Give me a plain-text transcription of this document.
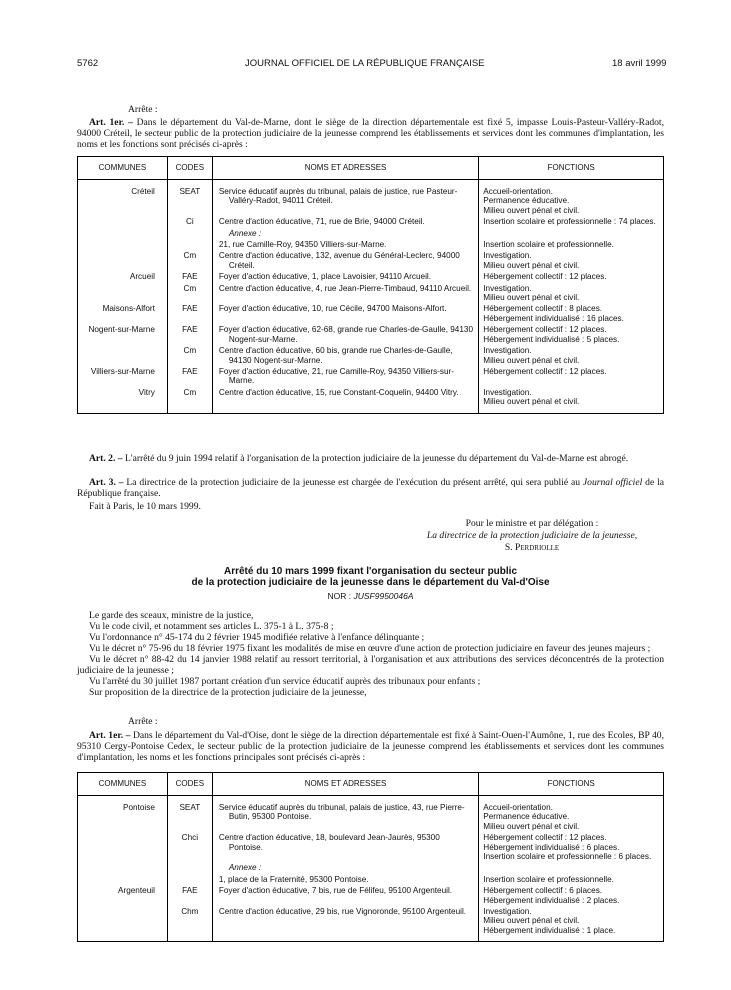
5762	JOURNAL OFFICIEL DE LA RÉPUBLIQUE FRANÇAISE	18 avril 1999

Arrête :

Art. 1er. – Dans le département du Val-de-Marne, dont le siège de la direction départementale est fixé 5, impasse Louis-Pasteur-Valléry-Radot, 94000 Créteil, le secteur public de la protection judiciaire de la jeunesse comprend les établissements et services dont les communes d'implantation, les noms et les fonctions sont précisés ci-après :

COMMUNES	CODES	NOMS ET ADRESSES	FONCTIONS

Créteil	SEAT	Service éducatif auprès du tribunal, palais de justice, rue Pasteur-Valléry-Radot, 94011 Créteil.	Accueil-orientation.
Permanence éducative.
Milieu ouvert pénal et civil.

	Ci	Centre d'action éducative, 71, rue de Brie, 94000 Créteil.	Insertion scolaire et professionnelle : 74 places.

		Annexe :	

		21, rue Camille-Roy, 94350 Villiers-sur-Marne.	Insertion scolaire et professionnelle.

	Cm	Centre d'action éducative, 132, avenue du Général-Leclerc, 94000 Créteil.	Investigation.
Milieu ouvert pénal et civil.

Arcueil	FAE	Foyer d'action éducative, 1, place Lavoisier, 94110 Arcueil.	Hébergement collectif : 12 places.

	Cm	Centre d'action éducative, 4, rue Jean-Pierre-Timbaud, 94110 Arcueil.	Investigation.
Milieu ouvert pénal et civil.

Maisons-Alfort	FAE	Foyer d'action éducative, 10, rue Cécile, 94700 Maisons-Alfort.	Hébergement collectif : 8 places.
Hébergement individualisé : 16 places.

Nogent-sur-Marne	FAE	Foyer d'action éducative, 62-68, grande rue Charles-de-Gaulle, 94130 Nogent-sur-Marne.	Hébergement collectif : 12 places.
Hébergement individualisé : 5 places.

	Cm	Centre d'action éducative, 60 bis, grande rue Charles-de-Gaulle, 94130 Nogent-sur-Marne.	Investigation.
Milieu ouvert pénal et civil.

Villiers-sur-Marne	FAE	Foyer d'action éducative, 21, rue Camille-Roy, 94350 Villiers-sur-Marne.	Hébergement collectif : 12 places.

Vitry	Cm	Centre d'action éducative, 15, rue Constant-Coquelin, 94400 Vitry.	Investigation.
Milieu ouvert pénal et civil.

Art. 2. – L'arrêté du 9 juin 1994 relatif à l'organisation de la protection judiciaire de la jeunesse du département du Val-de-Marne est abrogé.

Art. 3. – La directrice de la protection judiciaire de la jeunesse est chargée de l'exécution du présent arrêté, qui sera publié au Journal officiel de la République française.

Fait à Paris, le 10 mars 1999.

Pour le ministre et par délégation :

La directrice de la protection judiciaire de la jeunesse,

S. Perdriolle

Arrêté du 10 mars 1999 fixant l'organisation du secteur public

de la protection judiciaire de la jeunesse dans le département du Val-d'Oise

NOR : JUSF9950046A

Le garde des sceaux, ministre de la justice,

Vu le code civil, et notamment ses articles L. 375-1 à L. 375-8 ;

Vu l'ordonnance n° 45-174 du 2 février 1945 modifiée relative à l'enfance délinquante ;

Vu le décret n° 75-96 du 18 février 1975 fixant les modalités de mise en œuvre d'une action de protection judiciaire en faveur des jeunes majeurs ;

Vu le décret n° 88-42 du 14 janvier 1988 relatif au ressort territorial, à l'organisation et aux attributions des services déconcentrés de la protection judiciaire de la jeunesse ;

Vu l'arrêté du 30 juillet 1987 portant création d'un service éducatif auprès des tribunaux pour enfants ;

Sur proposition de la directrice de la protection judiciaire de la jeunesse,

Arrête :

Art. 1er. – Dans le département du Val-d'Oise, dont le siège de la direction départementale est fixé à Saint-Ouen-l'Aumône, 1, rue des Ecoles, BP 40, 95310 Cergy-Pontoise Cedex, le secteur public de la protection judiciaire de la jeunesse comprend les établissements et services dont les communes d'implantation, les noms et les fonctions principales sont précisés ci-après :

COMMUNES	CODES	NOMS ET ADRESSES	FONCTIONS

Pontoise	SEAT	Service éducatif auprès du tribunal, palais de justice, 43, rue Pierre-Butin, 95300 Pontoise.	Accueil-orientation.
Permanence éducative.
Milieu ouvert pénal et civil.

	Chci	Centre d'action éducative, 18, boulevard Jean-Jaurès, 95300 Pontoise.	Hébergement collectif : 12 places.
Hébergement individualisé : 6 places.
Insertion scolaire et professionnelle : 6 places.

		Annexe :	

		1, place de la Fraternité, 95300 Pontoise.	Insertion scolaire et professionnelle.

Argenteuil	FAE	Foyer d'action éducative, 7 bis, rue de Félifeu, 95100 Argenteuil.	Hébergement collectif : 6 places.
Hébergement individualisé : 2 places.

	Chm	Centre d'action éducative, 29 bis, rue Vignoronde, 95100 Argenteuil.	Investigation.
Milieu ouvert pénal et civil.
Hébergement individualisé : 1 place.
